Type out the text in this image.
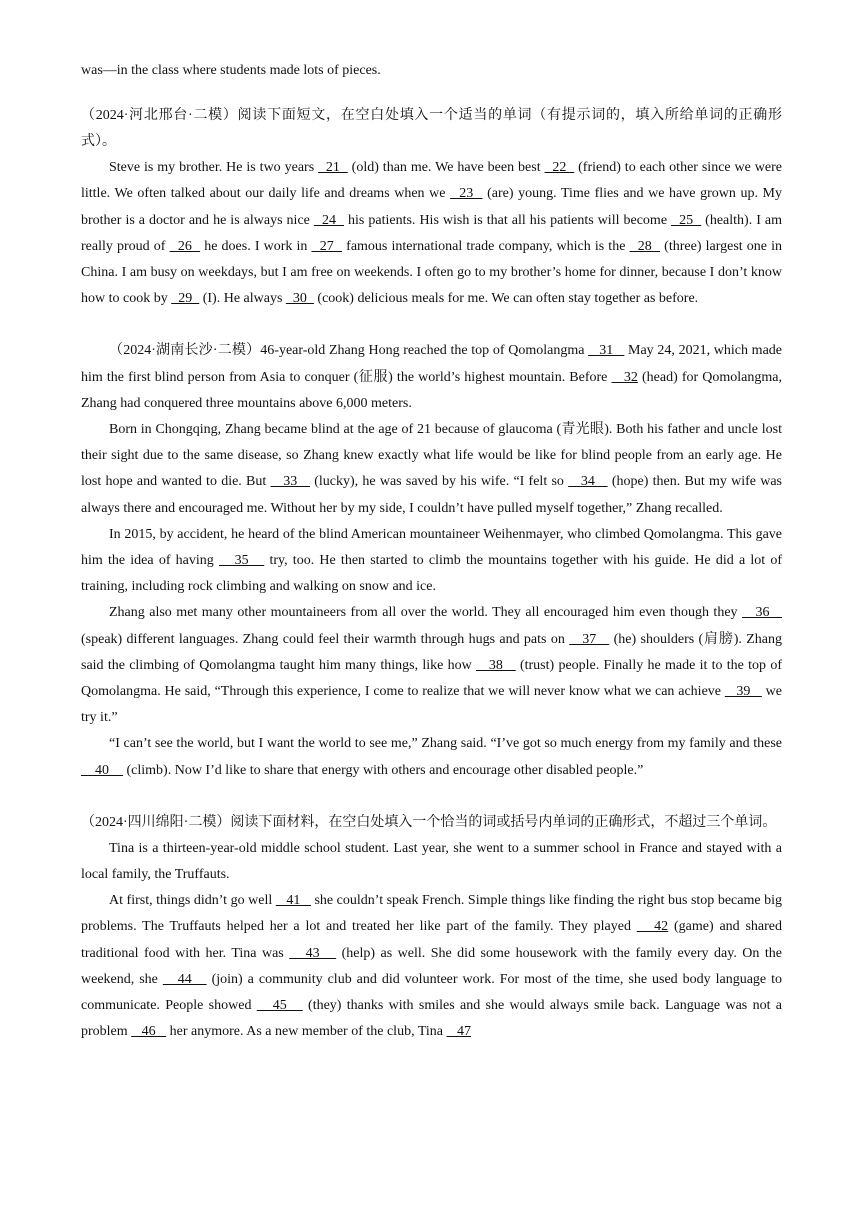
was—in the class where students made lots of pieces.

（2024·河北邢台·二模）阅读下面短文，在空白处填入一个适当的单词（有提示词的，填入所给单词的正确形式）。

Steve is my brother. He is two years   21   (old) than me. We have been best   22   (friend) to each other since we were little. We often talked about our daily life and dreams when we   23   (are) young. Time flies and we have grown up. My brother is a doctor and he is always nice   24   his patients. His wish is that all his patients will become   25   (health). I am really proud of   26   he does. I work in   27   famous international trade company, which is the   28   (three) largest one in China. I am busy on weekdays, but I am free on weekends. I often go to my brother’s home for dinner, because I don’t know how to cook by   29   (I). He always   30   (cook) delicious meals for me. We can often stay together as before.

（2024·湖南长沙·二模）46-year-old Zhang Hong reached the top of Qomolangma    31    May 24, 2021, which made him the first blind person from Asia to conquer (征服) the world’s highest mountain. Before    32 (head) for Qomolangma, Zhang had conquered three mountains above 6,000 meters.

Born in Chongqing, Zhang became blind at the age of 21 because of glaucoma (青光眼). Both his father and uncle lost their sight due to the same disease, so Zhang knew exactly what life would be like for blind people from an early age. He lost hope and wanted to die. But    33    (lucky), he was saved by his wife. “I felt so    34    (hope) then. But my wife was always there and encouraged me. Without her by my side, I couldn’t have pulled myself together,” Zhang recalled.

In 2015, by accident, he heard of the blind American mountaineer Weihenmayer, who climbed Qomolangma. This gave him the idea of having    35    try, too. He then started to climb the mountains together with his guide. He did a lot of training, including rock climbing and walking on snow and ice.

Zhang also met many other mountaineers from all over the world. They all encouraged him even though they    36    (speak) different languages. Zhang could feel their warmth through hugs and pats on    37    (he) shoulders (肩膀). Zhang said the climbing of Qomolangma taught him many things, like how    38    (trust) people. Finally he made it to the top of Qomolangma. He said, “Through this experience, I come to realize that we will never know what we can achieve    39    we try it.”

“I can’t see the world, but I want the world to see me,” Zhang said. “I’ve got so much energy from my family and these     40     (climb). Now I’d like to share that energy with others and encourage other disabled people.”

（2024·四川绵阳·二模）阅读下面材料，在空白处填入一个恰当的词或括号内单词的正确形式，不超过三个单词。

Tina is a thirteen-year-old middle school student. Last year, she went to a summer school in France and stayed with a local family, the Truffauts.

At first, things didn’t go well    41    she couldn’t speak French. Simple things like finding the right bus stop became big problems. The Truffauts helped her a lot and treated her like part of the family. They played    42 (game) and shared traditional food with her. Tina was    43    (help) as well. She did some housework with the family every day. On the weekend, she    44    (join) a community club and did volunteer work. For most of the time, she used body language to communicate. People showed    45    (they) thanks with smiles and she would always smile back. Language was not a problem    46    her anymore. As a new member of the club, Tina    47
